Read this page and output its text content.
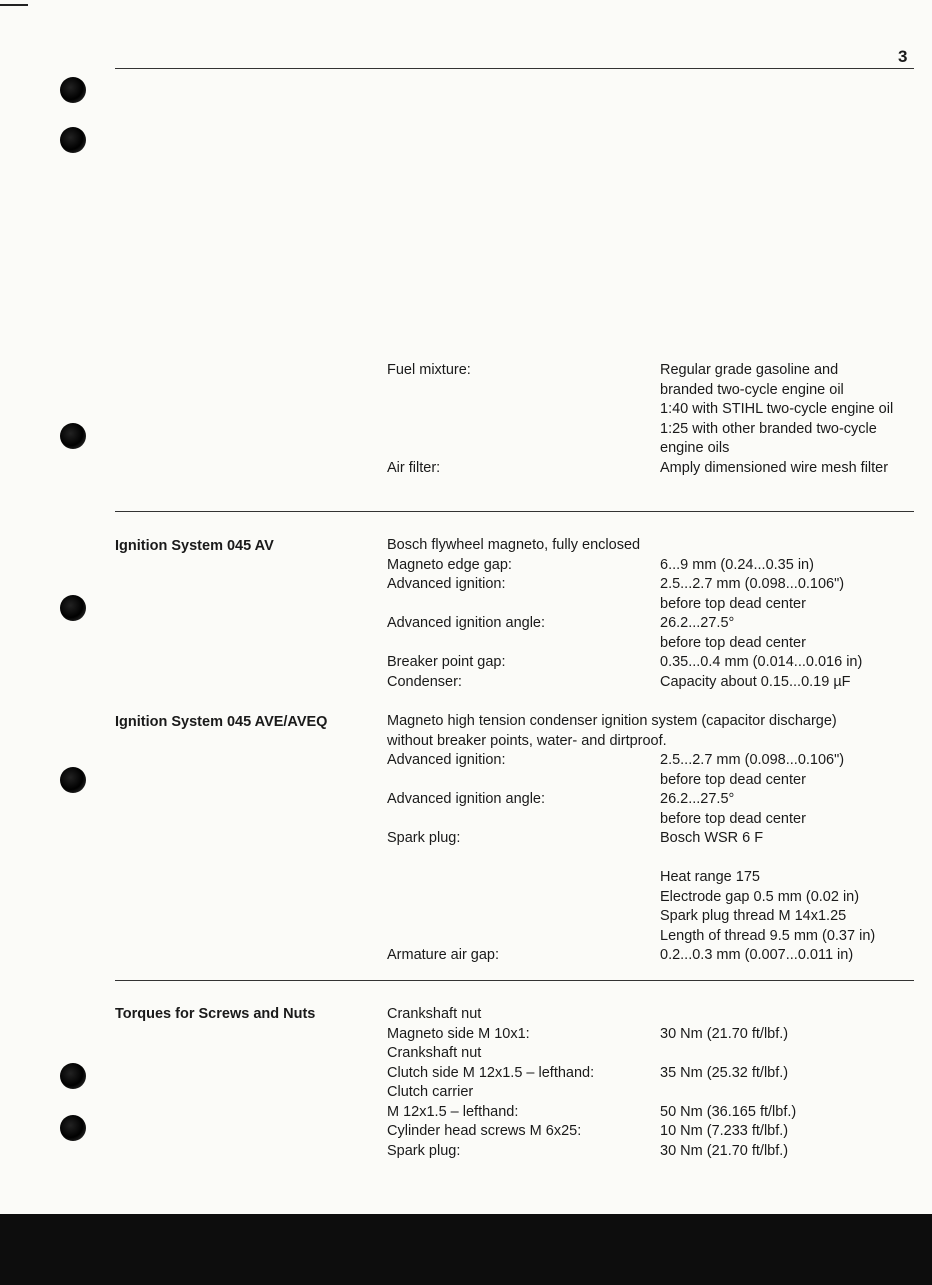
3
Fuel mixture:	Regular grade gasoline and
branded two-cycle engine oil
1:40 with STIHL two-cycle engine oil
1:25 with other branded two-cycle
engine oils
Air filter:	Amply dimensioned wire mesh filter
Ignition System 045 AV	Bosch flywheel magneto, fully enclosed
Magneto edge gap:	6...9 mm (0.24...0.35 in)
Advanced ignition:	2.5...2.7 mm (0.098...0.106")
before top dead center
Advanced ignition angle:	26.2...27.5°
before top dead center
Breaker point gap:	0.35...0.4 mm (0.014...0.016 in)
Condenser:	Capacity about 0.15...0.19 µF
Ignition System 045 AVE/AVEQ	Magneto high tension condenser ignition system (capacitor discharge)
without breaker points, water- and dirtproof.
Advanced ignition:	2.5...2.7 mm (0.098...0.106")
before top dead center
Advanced ignition angle:	26.2...27.5°
before top dead center
Spark plug:	Bosch WSR 6 F
Heat range 175
Electrode gap 0.5 mm (0.02 in)
Spark plug thread M 14x1.25
Length of thread 9.5 mm (0.37 in)
Armature air gap:	0.2...0.3 mm (0.007...0.011 in)
Torques for Screws and Nuts	Crankshaft nut
Magneto side M 10x1:	30 Nm (21.70 ft/lbf.)
Crankshaft nut
Clutch side M 12x1.5 – lefthand:	35 Nm (25.32 ft/lbf.)
Clutch carrier
M 12x1.5 – lefthand:	50 Nm (36.165 ft/lbf.)
Cylinder head screws M 6x25:	10 Nm (7.233 ft/lbf.)
Spark plug:	30 Nm (21.70 ft/lbf.)
